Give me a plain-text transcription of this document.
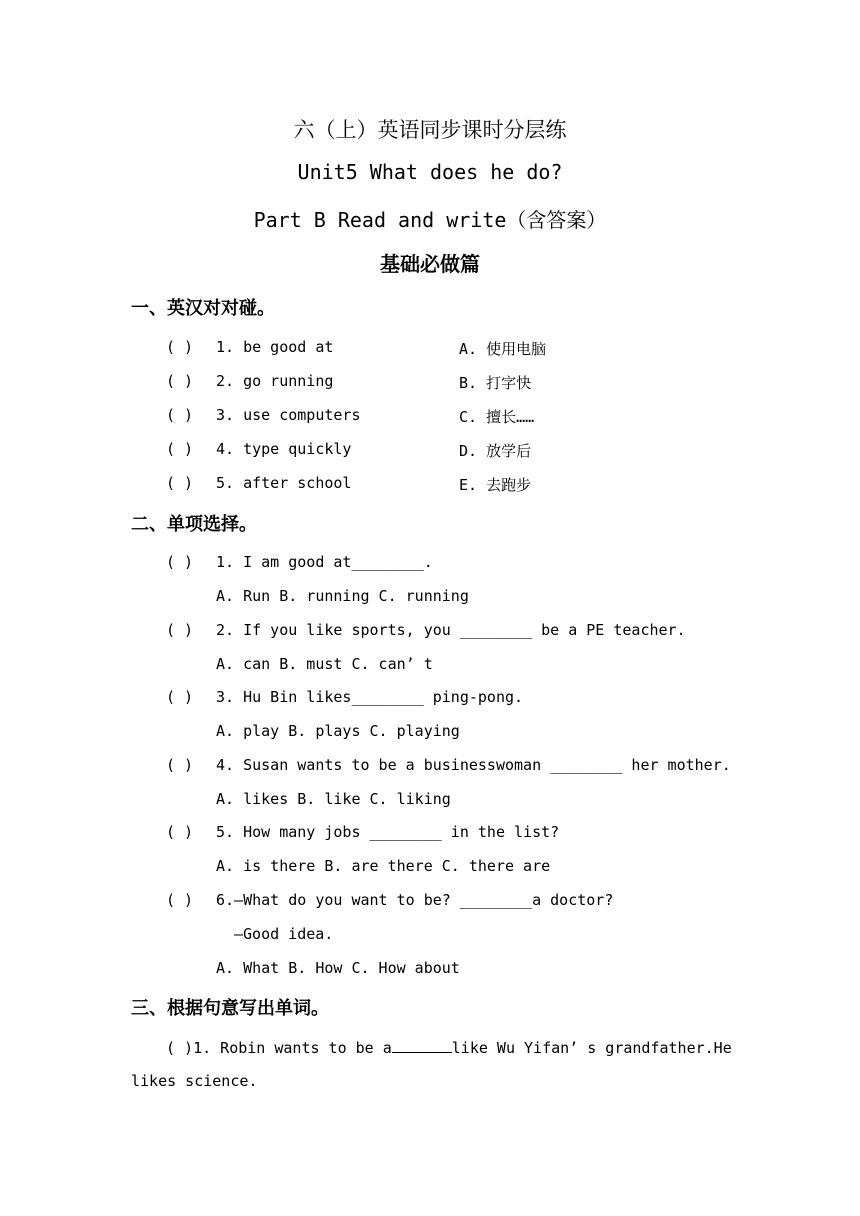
六（上）英语同步课时分层练
Unit5 What does he do?
Part B Read and write（含答案）
基础必做篇
一、英汉对对碰。
( ) 1. be good at	A. 使用电脑
( ) 2. go running	B. 打字快
( ) 3. use computers	C. 擅长……
( ) 4. type quickly	D. 放学后
( ) 5. after school	E. 去跑步
二、单项选择。
( ) 1. I am good at________.
A. Run B. running C. running
( ) 2. If you like sports, you ________ be a PE teacher.
A. can B. must C. can’ t
( ) 3. Hu Bin likes________ ping-pong.
A. play B. plays C. playing
( ) 4. Susan wants to be a businesswoman ________ her mother.
A. likes B. like C. liking
( ) 5. How many jobs ________ in the list?
A. is there B. are there C. there are
( ) 6.—What do you want to be? ________a doctor?
—Good idea.
A. What B. How C. How about
三、根据句意写出单词。
( )1. Robin wants to be a	like Wu Yifan’ s grandfather.He
likes science.
